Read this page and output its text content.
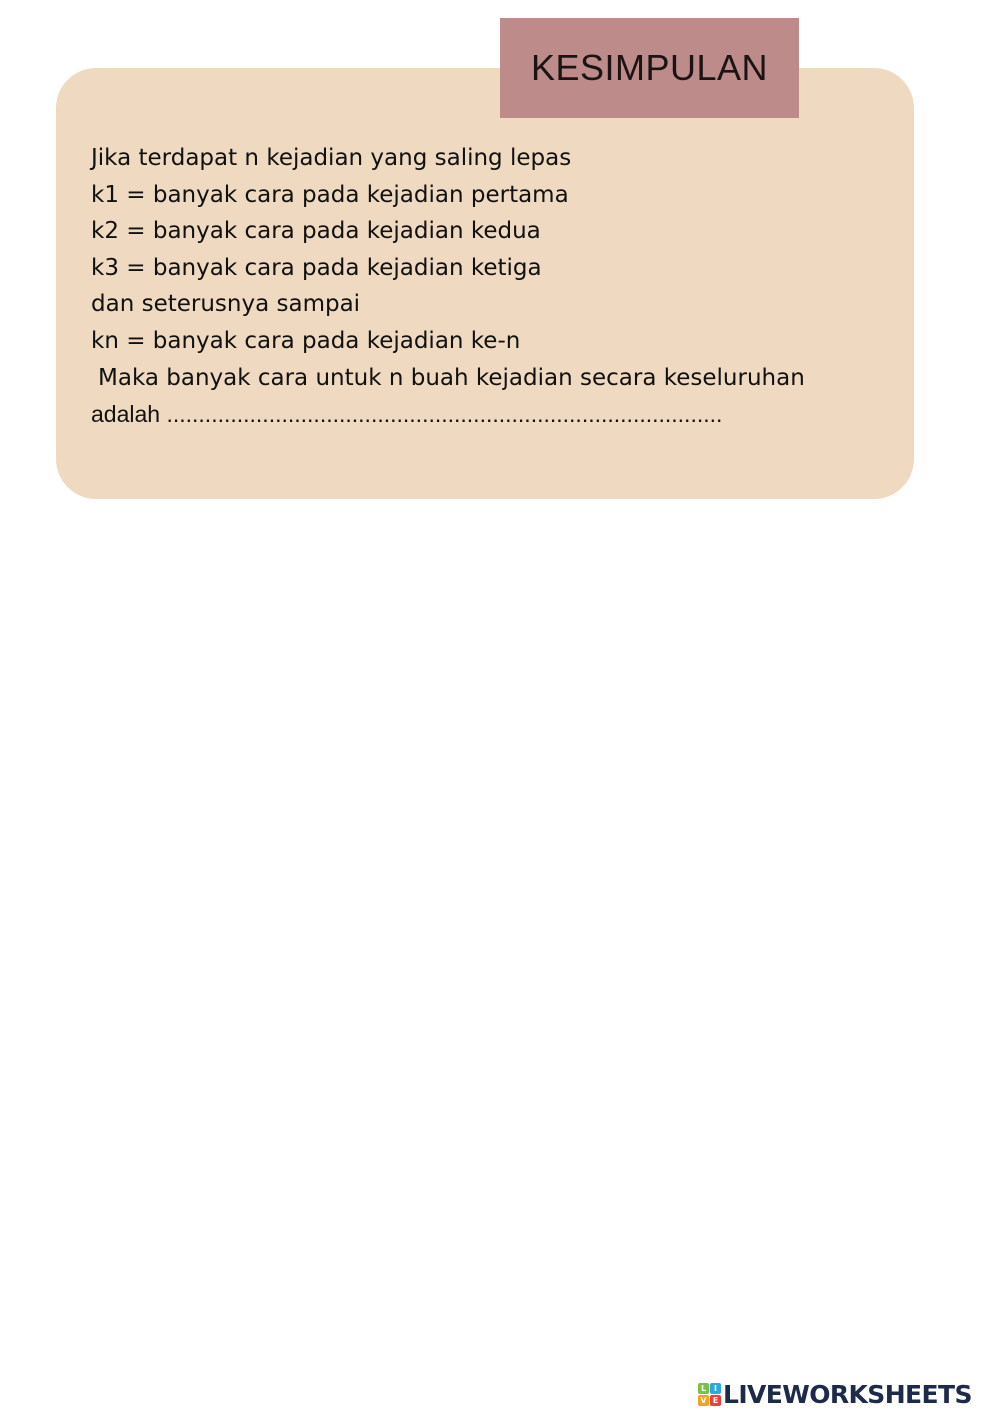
KESIMPULAN
Jika terdapat n kejadian yang saling lepas
k1 = banyak cara pada kejadian pertama
k2 = banyak cara pada kejadian kedua
k3 = banyak cara pada kejadian ketiga
dan seterusnya sampai
kn = banyak cara pada kejadian ke-n
Maka banyak cara untuk n buah kejadian secara keseluruhan
adalah .......................................................................................
L I
V E LIVEWORKSHEETS
